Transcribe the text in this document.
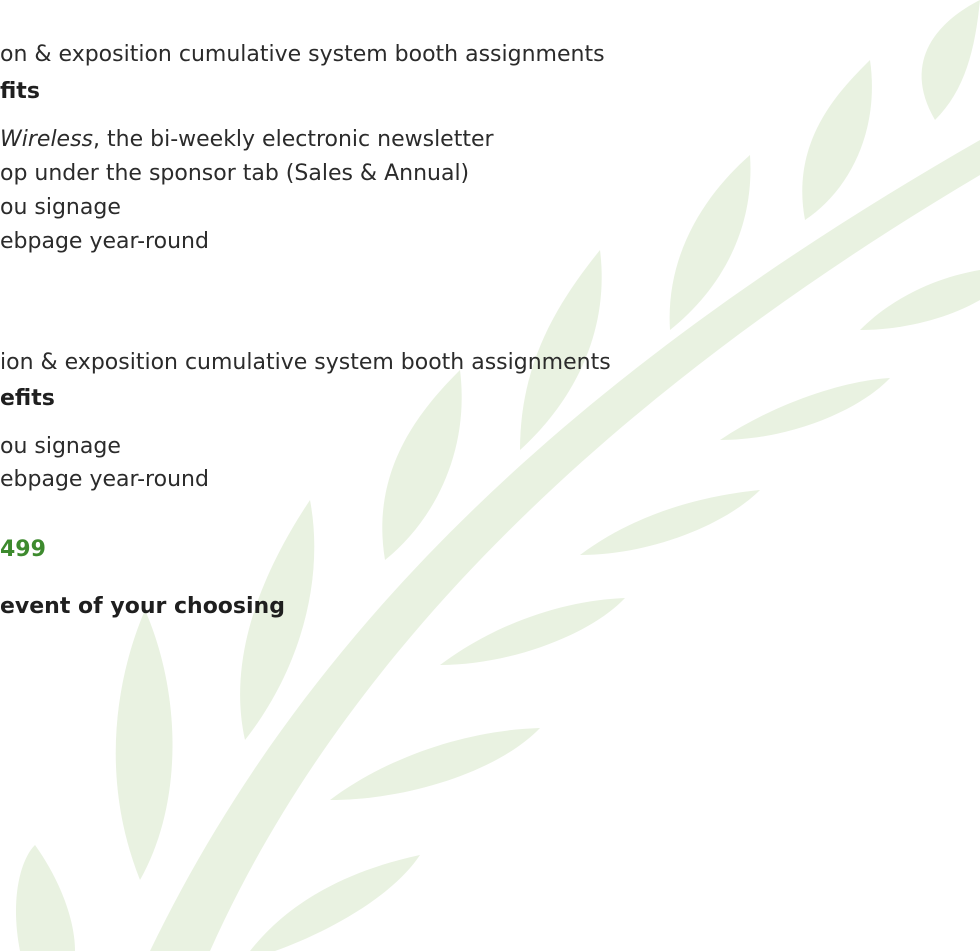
on & exposition cumulative system booth assignments

fits

Wireless, the bi-weekly electronic newsletter

op under the sponsor tab (Sales & Annual)

ou signage

ebpage year-round

ion & exposition cumulative system booth assignments

efits

ou signage

ebpage year-round

499

event of your choosing
